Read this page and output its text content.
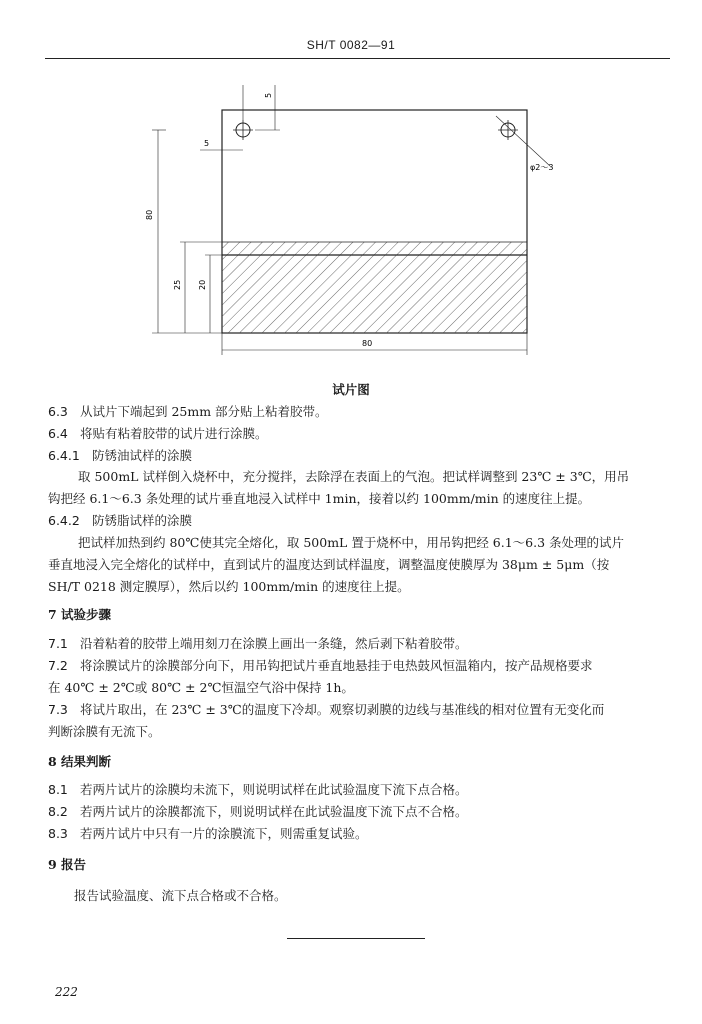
SH/T 0082—91
5
5
φ2～3
80
25 20
80
试片图
6.3 从试片下端起到 25mm 部分贴上粘着胶带。
6.4 将贴有粘着胶带的试片进行涂膜。
6.4.1 防锈油试样的涂膜
取 500mL 试样倒入烧杯中，充分搅拌，去除浮在表面上的气泡。把试样调整到 23℃ ± 3℃，用吊
钩把经 6.1～6.3 条处理的试片垂直地浸入试样中 1min，接着以约 100mm/min 的速度往上提。
6.4.2 防锈脂试样的涂膜
把试样加热到约 80℃使其完全熔化，取 500mL 置于烧杯中，用吊钩把经 6.1～6.3 条处理的试片
垂直地浸入完全熔化的试样中，直到试片的温度达到试样温度，调整温度使膜厚为 38μm ± 5μm（按
SH/T 0218 测定膜厚），然后以约 100mm/min 的速度往上提。
7 试验步骤
7.1 沿着粘着的胶带上端用刻刀在涂膜上画出一条缝，然后剥下粘着胶带。
7.2 将涂膜试片的涂膜部分向下，用吊钩把试片垂直地悬挂于电热鼓风恒温箱内，按产品规格要求
在 40℃ ± 2℃或 80℃ ± 2℃恒温空气浴中保持 1h。
7.3 将试片取出，在 23℃ ± 3℃的温度下冷却。观察切剥膜的边线与基准线的相对位置有无变化而
判断涂膜有无流下。
8 结果判断
8.1 若两片试片的涂膜均未流下，则说明试样在此试验温度下流下点合格。
8.2 若两片试片的涂膜都流下，则说明试样在此试验温度下流下点不合格。
8.3 若两片试片中只有一片的涂膜流下，则需重复试验。
9 报告
报告试验温度、流下点合格或不合格。
222
